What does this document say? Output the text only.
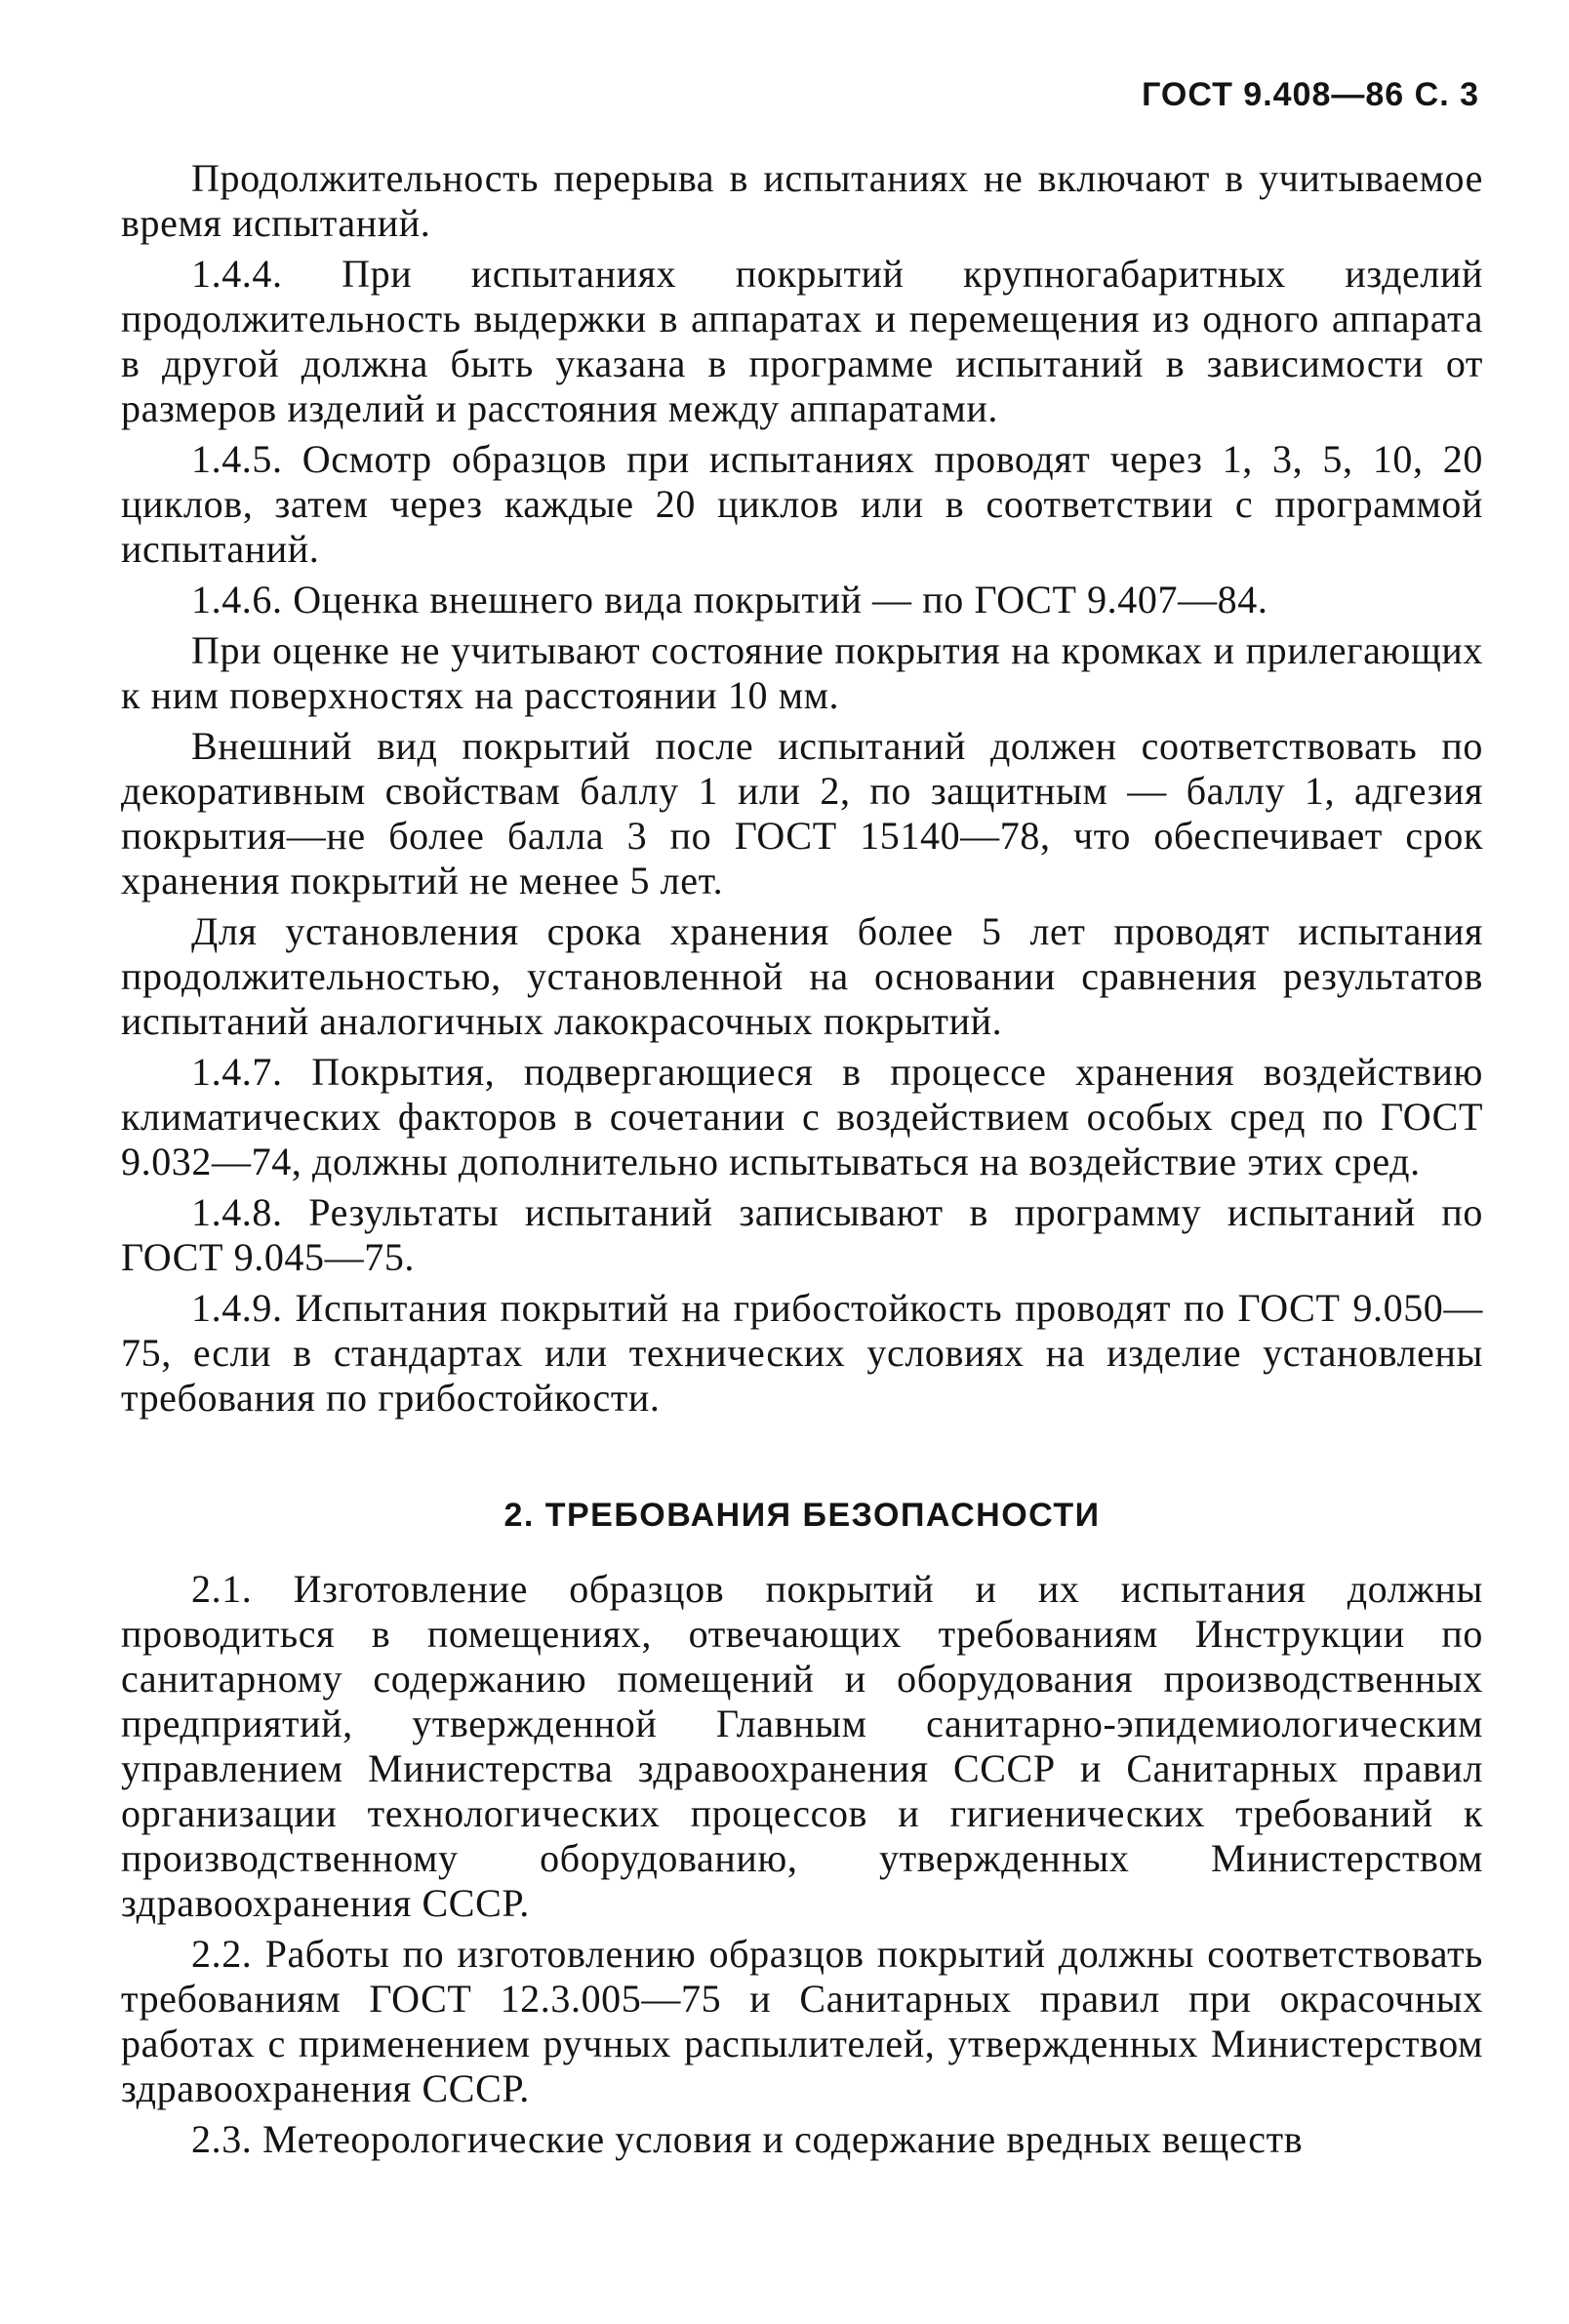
ГОСТ 9.408—86 С. 3

Продолжительность перерыва в испытаниях не включают в учитываемое время испытаний.

1.4.4. При испытаниях покрытий крупногабаритных изделий продолжительность выдержки в аппаратах и перемещения из одного аппарата в другой должна быть указана в программе испытаний в зависимости от размеров изделий и расстояния между аппаратами.

1.4.5. Осмотр образцов при испытаниях проводят через 1, 3, 5, 10, 20 циклов, затем через каждые 20 циклов или в соответствии с программой испытаний.

1.4.6. Оценка внешнего вида покрытий — по ГОСТ 9.407—84.

При оценке не учитывают состояние покрытия на кромках и прилегающих к ним поверхностях на расстоянии 10 мм.

Внешний вид покрытий после испытаний должен соответствовать по декоративным свойствам баллу 1 или 2, по защитным — баллу 1, адгезия покрытия—не более балла 3 по ГОСТ 15140—78, что обеспечивает срок хранения покрытий не менее 5 лет.

Для установления срока хранения более 5 лет проводят испытания продолжительностью, установленной на основании сравнения результатов испытаний аналогичных лакокрасочных покрытий.

1.4.7. Покрытия, подвергающиеся в процессе хранения воздействию климатических факторов в сочетании с воздействием особых сред по ГОСТ 9.032—74, должны дополнительно испытываться на воздействие этих сред.

1.4.8. Результаты испытаний записывают в программу испытаний по ГОСТ 9.045—75.

1.4.9. Испытания покрытий на грибостойкость проводят по ГОСТ 9.050—75, если в стандартах или технических условиях на изделие установлены требования по грибостойкости.

2. ТРЕБОВАНИЯ БЕЗОПАСНОСТИ

2.1. Изготовление образцов покрытий и их испытания должны проводиться в помещениях, отвечающих требованиям Инструкции по санитарному содержанию помещений и оборудования производственных предприятий, утвержденной Главным санитарно-эпидемиологическим управлением Министерства здравоохранения СССР и Санитарных правил организации технологических процессов и гигиенических требований к производственному оборудованию, утвержденных Министерством здравоохранения СССР.

2.2. Работы по изготовлению образцов покрытий должны соответствовать требованиям ГОСТ 12.3.005—75 и Санитарных правил при окрасочных работах с применением ручных распылителей, утвержденных Министерством здравоохранения СССР.

2.3. Метеорологические условия и содержание вредных веществ
